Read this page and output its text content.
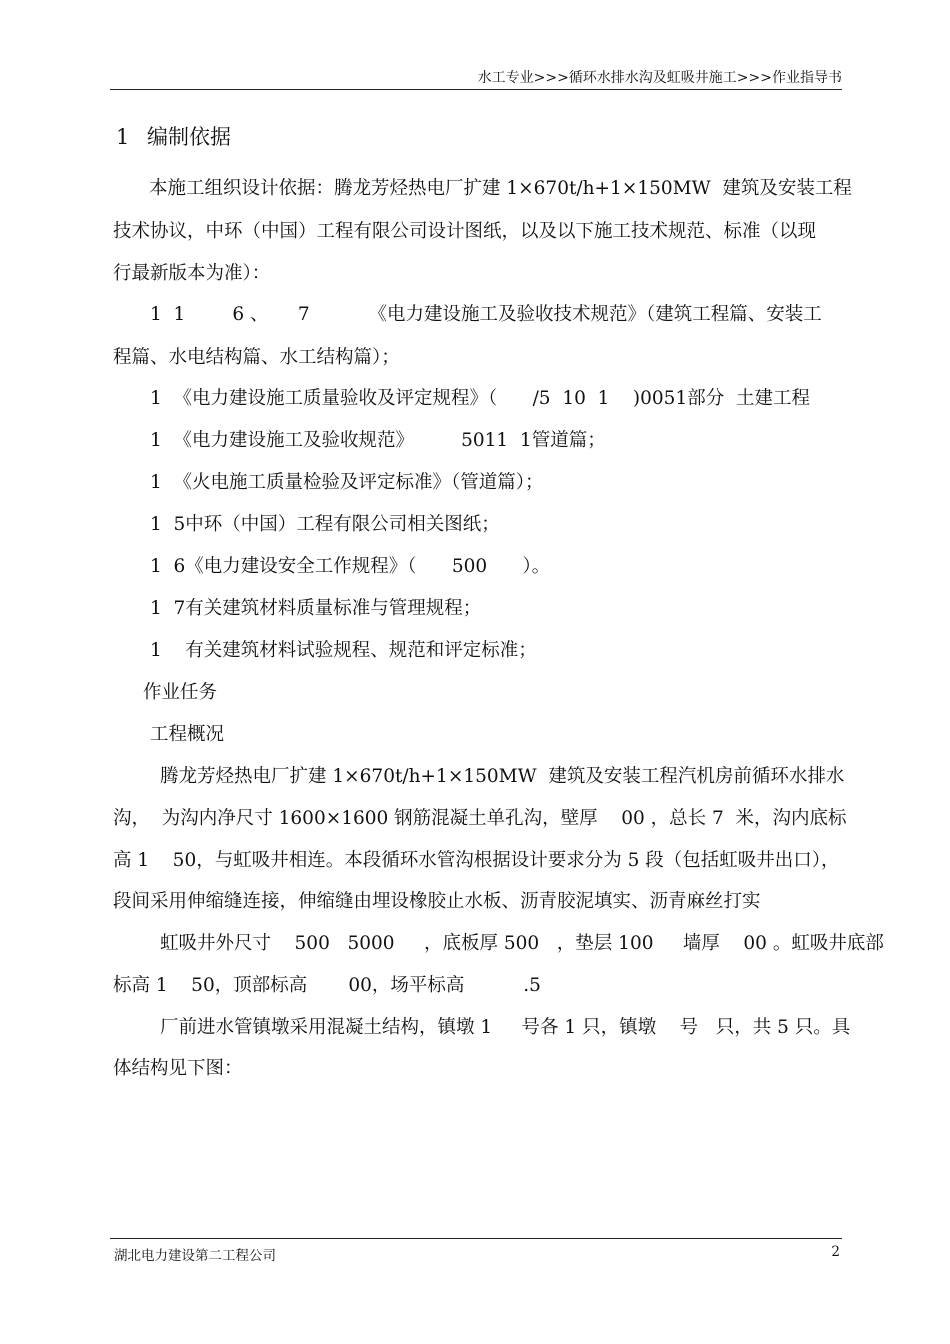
水工专业>>>循环水排水沟及虹吸井施工>>>作业指导书
1 编制依据
本施工组织设计依据：腾龙芳烃热电厂扩建 1×670t/h+1×150MW  建筑及安装工程
技术协议，中环（中国）工程有限公司设计图纸，以及以下施工技术规范、标准（以现
行最新版本为准）：
1  1        6 、     7          《电力建设施工及验收技术规范》（建筑工程篇、安装工
程篇、水电结构篇、水工结构篇）；
1  《电力建设施工质量验收及评定规程》（      /5  10  1    )0051部分  土建工程
1  《电力建设施工及验收规范》        5011  1管道篇；
1  《火电施工质量检验及评定标准》（管道篇）；
1  5中环（中国）工程有限公司相关图纸；
1  6《电力建设安全工作规程》（      500      ）。
1  7有关建筑材料质量标准与管理规程；
1    有关建筑材料试验规程、规范和评定标准；
作业任务
工程概况
腾龙芳烃热电厂扩建 1×670t/h+1×150MW  建筑及安装工程汽机房前循环水排水
沟，  为沟内净尺寸 1600×1600 钢筋混凝土单孔沟，壁厚    00 ，总长 7  米，沟内底标
高 1    50，与虹吸井相连。本段循环水管沟根据设计要求分为 5 段（包括虹吸井出口），
段间采用伸缩缝连接，伸缩缝由埋设橡胶止水板、沥青胶泥填实、沥青麻丝打实
虹吸井外尺寸    500   5000     ，底板厚 500   ，垫层 100     墙厚    00 。虹吸井底部
标高 1    50，顶部标高       00，场平标高          .5
厂前进水管镇墩采用混凝土结构，镇墩 1     号各 1 只，镇墩    号   只，共 5 只。具
体结构见下图：
湖北电力建设第二工程公司	2
